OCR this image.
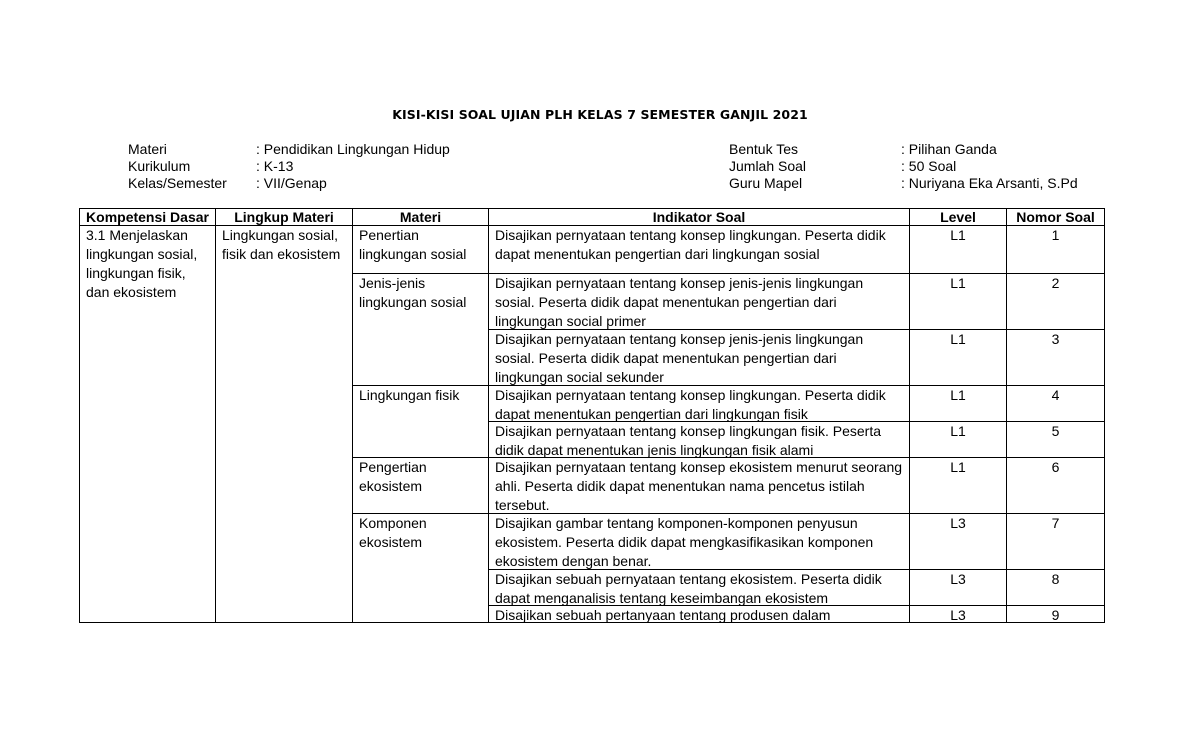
KISI-KISI SOAL UJIAN PLH KELAS 7 SEMESTER GANJIL 2021
Materi	: Pendidikan Lingkungan Hidup
Kurikulum	: K-13
Kelas/Semester	: VII/Genap
Bentuk Tes	: Pilihan Ganda
Jumlah Soal	: 50 Soal
Guru Mapel	: Nuriyana Eka Arsanti, S.Pd
Kompetensi Dasar	Lingkup Materi	Materi	Indikator Soal	Level	Nomor Soal
3.1 Menjelaskan lingkungan sosial, lingkungan fisik, dan ekosistem	Lingkungan sosial, fisik dan ekosistem	Penertian lingkungan sosial	Disajikan pernyataan tentang konsep lingkungan. Peserta didik dapat menentukan pengertian dari lingkungan sosial	L1	1
		Jenis-jenis lingkungan sosial	Disajikan pernyataan tentang konsep jenis-jenis lingkungan sosial. Peserta didik dapat menentukan pengertian dari lingkungan social primer	L1	2

			Disajikan pernyataan tentang konsep jenis-jenis lingkungan sosial. Peserta didik dapat menentukan pengertian dari lingkungan social sekunder	L1	3
		Lingkungan fisik	Disajikan pernyataan tentang konsep lingkungan. Peserta didik dapat menentukan pengertian dari lingkungan fisik	L1	4

			Disajikan pernyataan tentang konsep lingkungan fisik. Peserta didik dapat menentukan jenis lingkungan fisik alami	L1	5
		Pengertian ekosistem	Disajikan pernyataan tentang konsep ekosistem menurut seorang ahli. Peserta didik dapat menentukan nama pencetus istilah tersebut.	L1	6
		Komponen ekosistem	Disajikan gambar tentang komponen-komponen penyusun ekosistem. Peserta didik dapat mengkasifikasikan komponen ekosistem dengan benar.	L3	7

			Disajikan sebuah pernyataan tentang ekosistem. Peserta didik dapat menganalisis tentang keseimbangan ekosistem	L3	8

			Disajikan sebuah pertanyaan tentang produsen dalam	L3	9
